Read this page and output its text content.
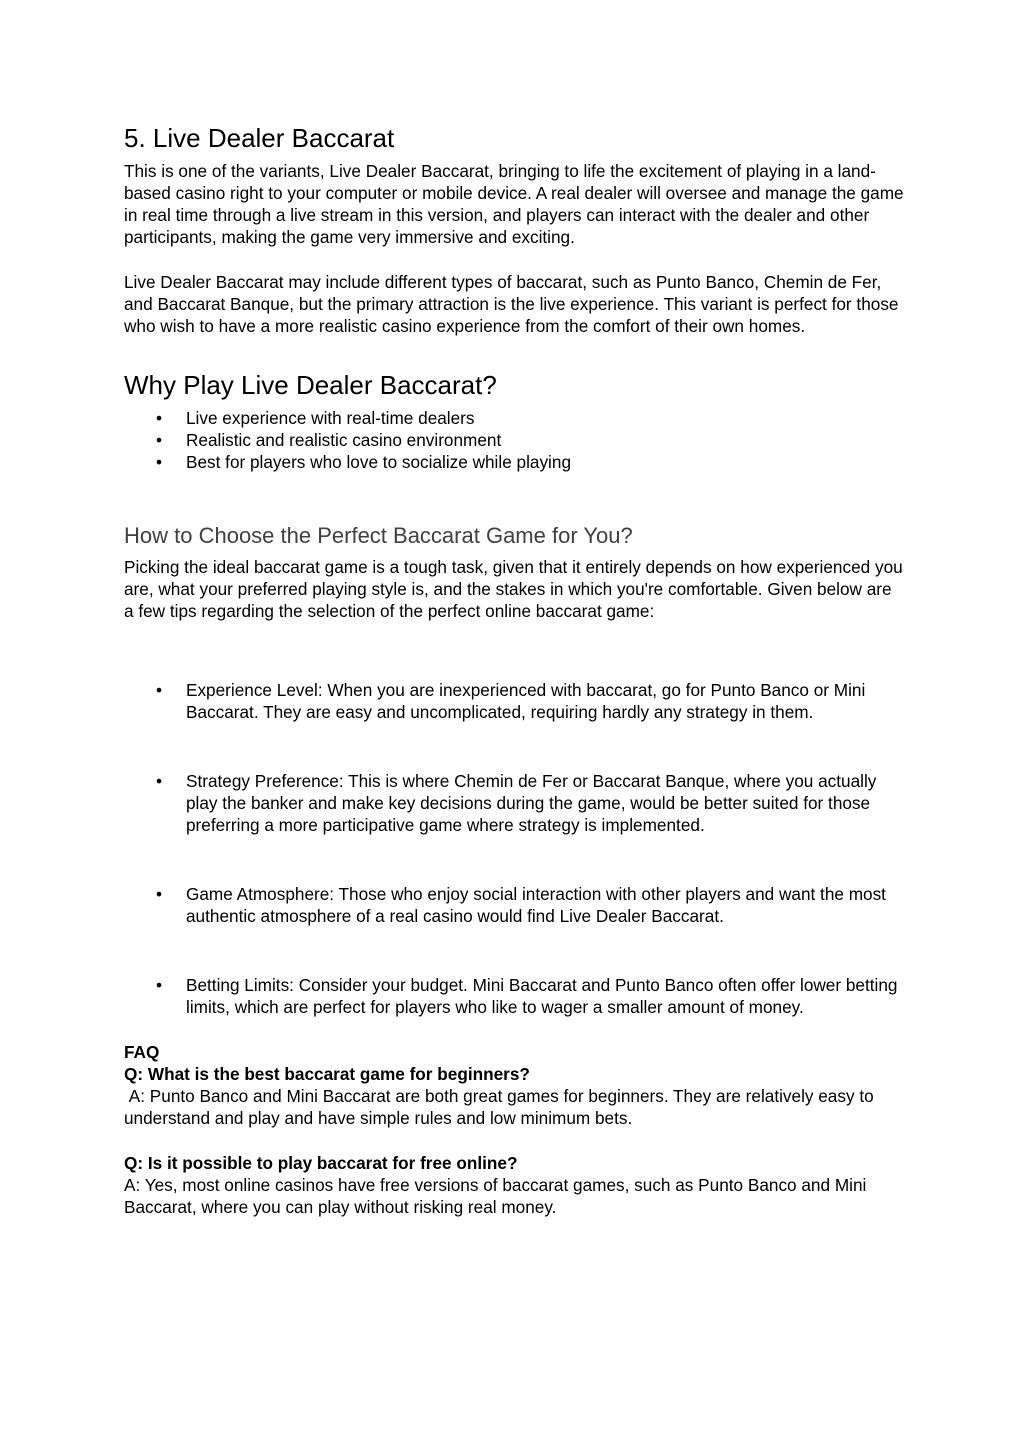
5. Live Dealer Baccarat

This is one of the variants, Live Dealer Baccarat, bringing to life the excitement of playing in a land-based casino right to your computer or mobile device. A real dealer will oversee and manage the game in real time through a live stream in this version, and players can interact with the dealer and other participants, making the game very immersive and exciting.

Live Dealer Baccarat may include different types of baccarat, such as Punto Banco, Chemin de Fer, and Baccarat Banque, but the primary attraction is the live experience. This variant is perfect for those who wish to have a more realistic casino experience from the comfort of their own homes.

Why Play Live Dealer Baccarat?
• Live experience with real-time dealers
• Realistic and realistic casino environment
• Best for players who love to socialize while playing
How to Choose the Perfect Baccarat Game for You?

Picking the ideal baccarat game is a tough task, given that it entirely depends on how experienced you are, what your preferred playing style is, and the stakes in which you're comfortable. Given below are a few tips regarding the selection of the perfect online baccarat game:

• Experience Level: When you are inexperienced with baccarat, go for Punto Banco or Mini Baccarat. They are easy and uncomplicated, requiring hardly any strategy in them.
• Strategy Preference: This is where Chemin de Fer or Baccarat Banque, where you actually play the banker and make key decisions during the game, would be better suited for those preferring a more participative game where strategy is implemented.
• Game Atmosphere: Those who enjoy social interaction with other players and want the most authentic atmosphere of a real casino would find Live Dealer Baccarat.
• Betting Limits: Consider your budget. Mini Baccarat and Punto Banco often offer lower betting limits, which are perfect for players who like to wager a smaller amount of money.

FAQ

Q: What is the best baccarat game for beginners?

A: Punto Banco and Mini Baccarat are both great games for beginners. They are relatively easy to understand and play and have simple rules and low minimum bets.

Q: Is it possible to play baccarat for free online?

A: Yes, most online casinos have free versions of baccarat games, such as Punto Banco and Mini Baccarat, where you can play without risking real money.
